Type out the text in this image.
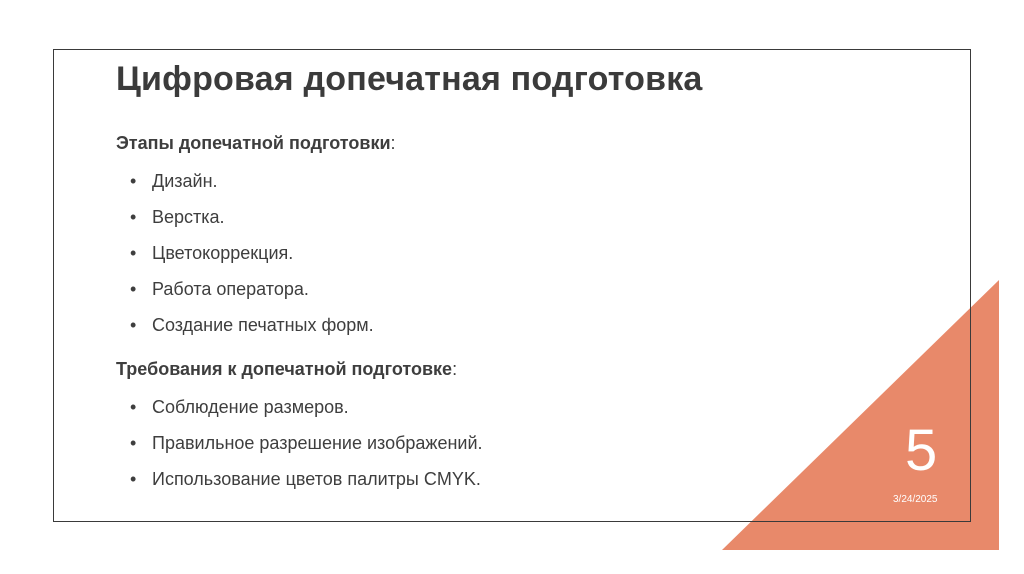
Цифровая допечатная подготовка
Этапы допечатной подготовки:
• Дизайн.
• Верстка.
• Цветокоррекция.
• Работа оператора.
• Создание печатных форм.
Требования к допечатной подготовке:
• Соблюдение размеров.
• Правильное разрешение изображений.
• Использование цветов палитры CMYK.	5
3/24/2025
